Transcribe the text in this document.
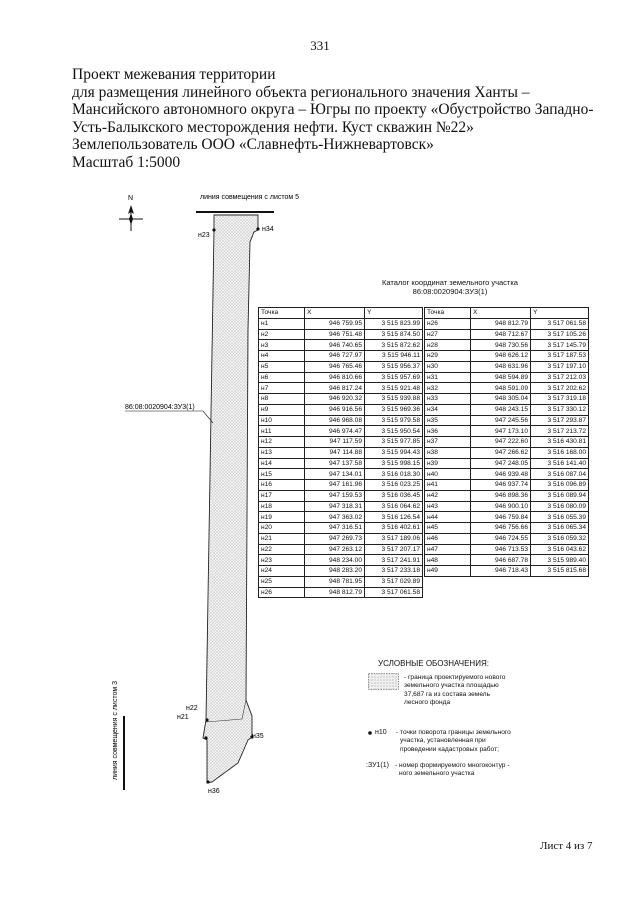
331
Проект межевания территории
для размещения линейного объекта регионального значения Ханты –
Мансийского автономного округа – Югры по проекту «Обустройство Западно-
Усть-Балыкского месторождения нефти. Куст скважин №22»
Землепользователь ООО «Славнефть-Нижневартовск»
Масштаб 1:5000
N	линия совмещения с листом 5
линия совмещения с листом 3
н23
н34
н22
н21
н35
н36
86:08:0020904:ЗУ3(1)
Каталог координат земельного участка
86:08:0020904:ЗУ3(1)
Точка	X	Y
н1	946 759.95	3 515 823.99
н2	946 751.48	3 515 874.50
н3	946 740.65	3 515 872.62
н4	946 727.97	3 515 946.11
н5	946 765.46	3 515 956.37
н6	946 810.66	3 515 957.69
н7	946 817.24	3 515 921.48
н8	946 920.32	3 515 939.88
н9	946 916.56	3 515 969.36
н10	946 968.08	3 515 979.58
н11	946 974.47	3 515 950.54
н12	947 117.59	3 515 977.85
н13	947 114.88	3 515 994.43
н14	947 137.58	3 515 998.15
н15	947 134.01	3 516 018.30
н16	947 161.96	3 516 023.25
н17	947 159.53	3 516 036.45
н18	947 318.31	3 516 064.62
н19	947 363.02	3 516 126.54
н20	947 316.51	3 516 402.61
н21	947 269.73	3 517 189.06
н22	947 263.12	3 517 207.17
н23	948 234.00	3 517 241.91
н24	948 283.20	3 517 233.18
н25	948 781.95	3 517 029.89
н26	948 812.79	3 517 061.58
Точка	X	Y
н26	948 812.79	3 517 061.58
н27	948 712.67	3 517 105.26
н28	948 730.56	3 517 145.79
н29	948 626.12	3 517 187.53
н30	948 631.96	3 517 197.10
н31	948 594.89	3 517 212.03
н32	948 591.09	3 517 202.62
н33	948 305.04	3 517 319.18
н34	948 243.15	3 517 330.12
н35	947 245.56	3 517 293.87
н36	947 173.10	3 517 213.72
н37	947 222.60	3 516 430.81
н38	947 266.62	3 516 168.00
н39	947 248.05	3 516 141.40
н40	946 939.48	3 516 087.04
н41	946 937.74	3 516 096.89
н42	946 898.36	3 516 089.94
н43	946 900.10	3 516 080.09
н44	946 759.84	3 516 055.39
н45	946 756.66	3 516 065.34
н46	946 724.55	3 516 059.32
н47	946 713.53	3 516 043.62
н48	946 687.78	3 515 989.40
н49	946 718.43	3 515 815.68
УСЛОВНЫЕ ОБОЗНАЧЕНИЯ:
- граница проектируемого нового
земельного участка площадью
37,687 га из состава земель
лесного фонда
н10 - точки поворота границы земельного
участка, установленная при
проведении кадастровых работ;
:ЗУ1(1) - номер формируемого многоконтур -
ного земельного участка
Лист 4 из 7
